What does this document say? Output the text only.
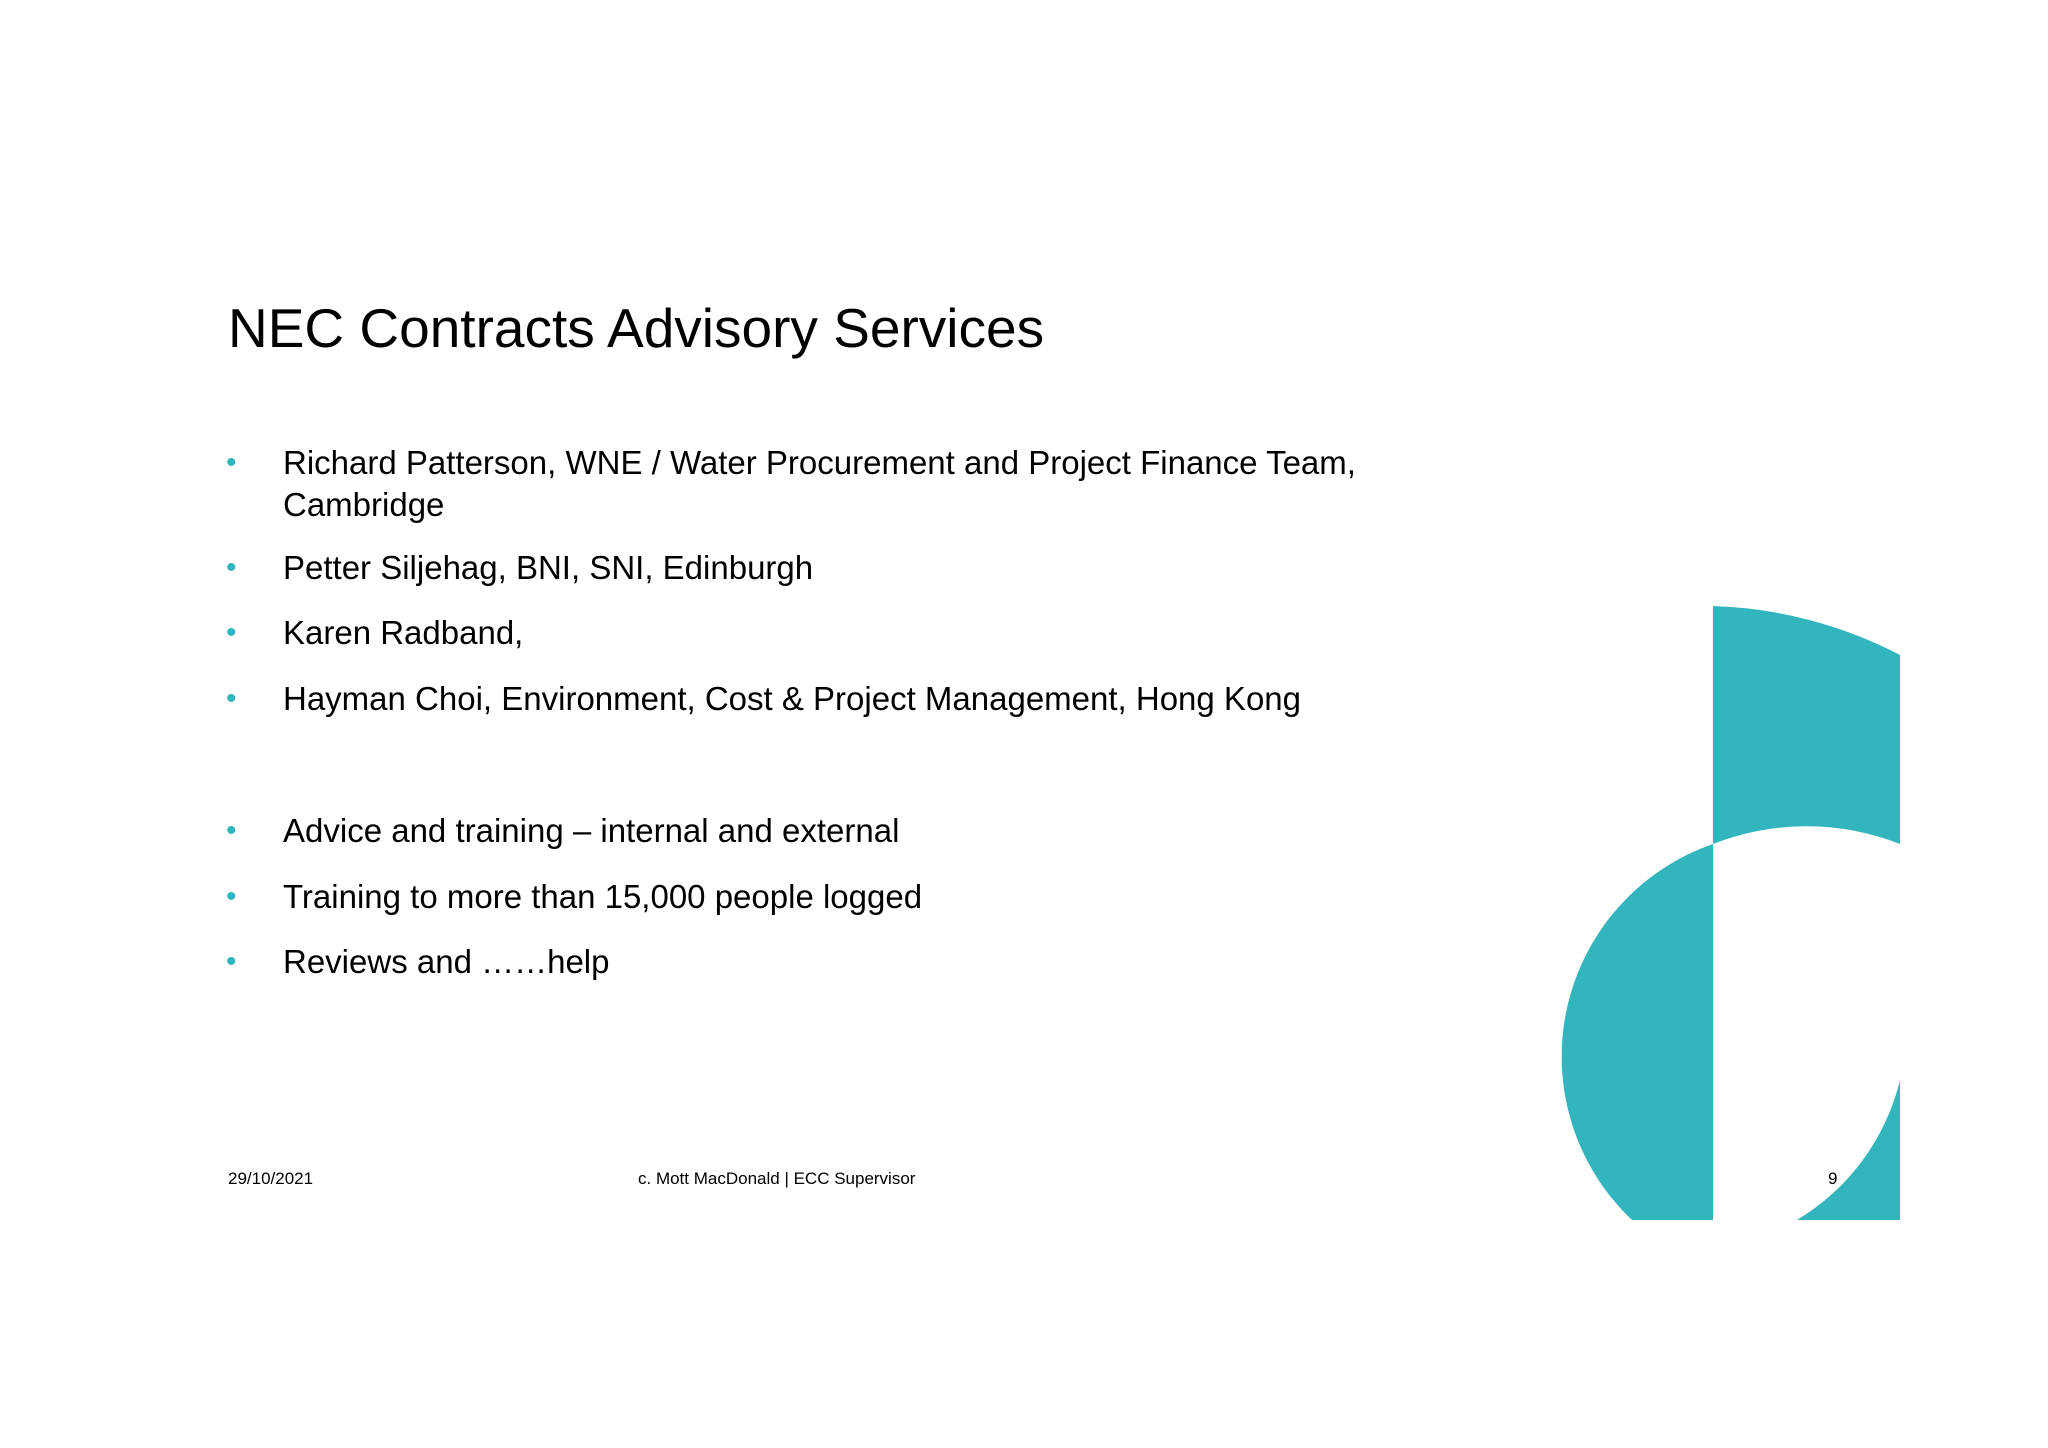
NEC Contracts Advisory Services
• Richard Patterson, WNE / Water Procurement and Project Finance Team, Cambridge
• Petter Siljehag, BNI, SNI, Edinburgh
• Karen Radband,
• Hayman Choi, Environment, Cost & Project Management, Hong Kong
• Advice and training – internal and external
• Training to more than 15,000 people logged
• Reviews and ……help
29/10/2021	c. Mott MacDonald | ECC Supervisor	9
